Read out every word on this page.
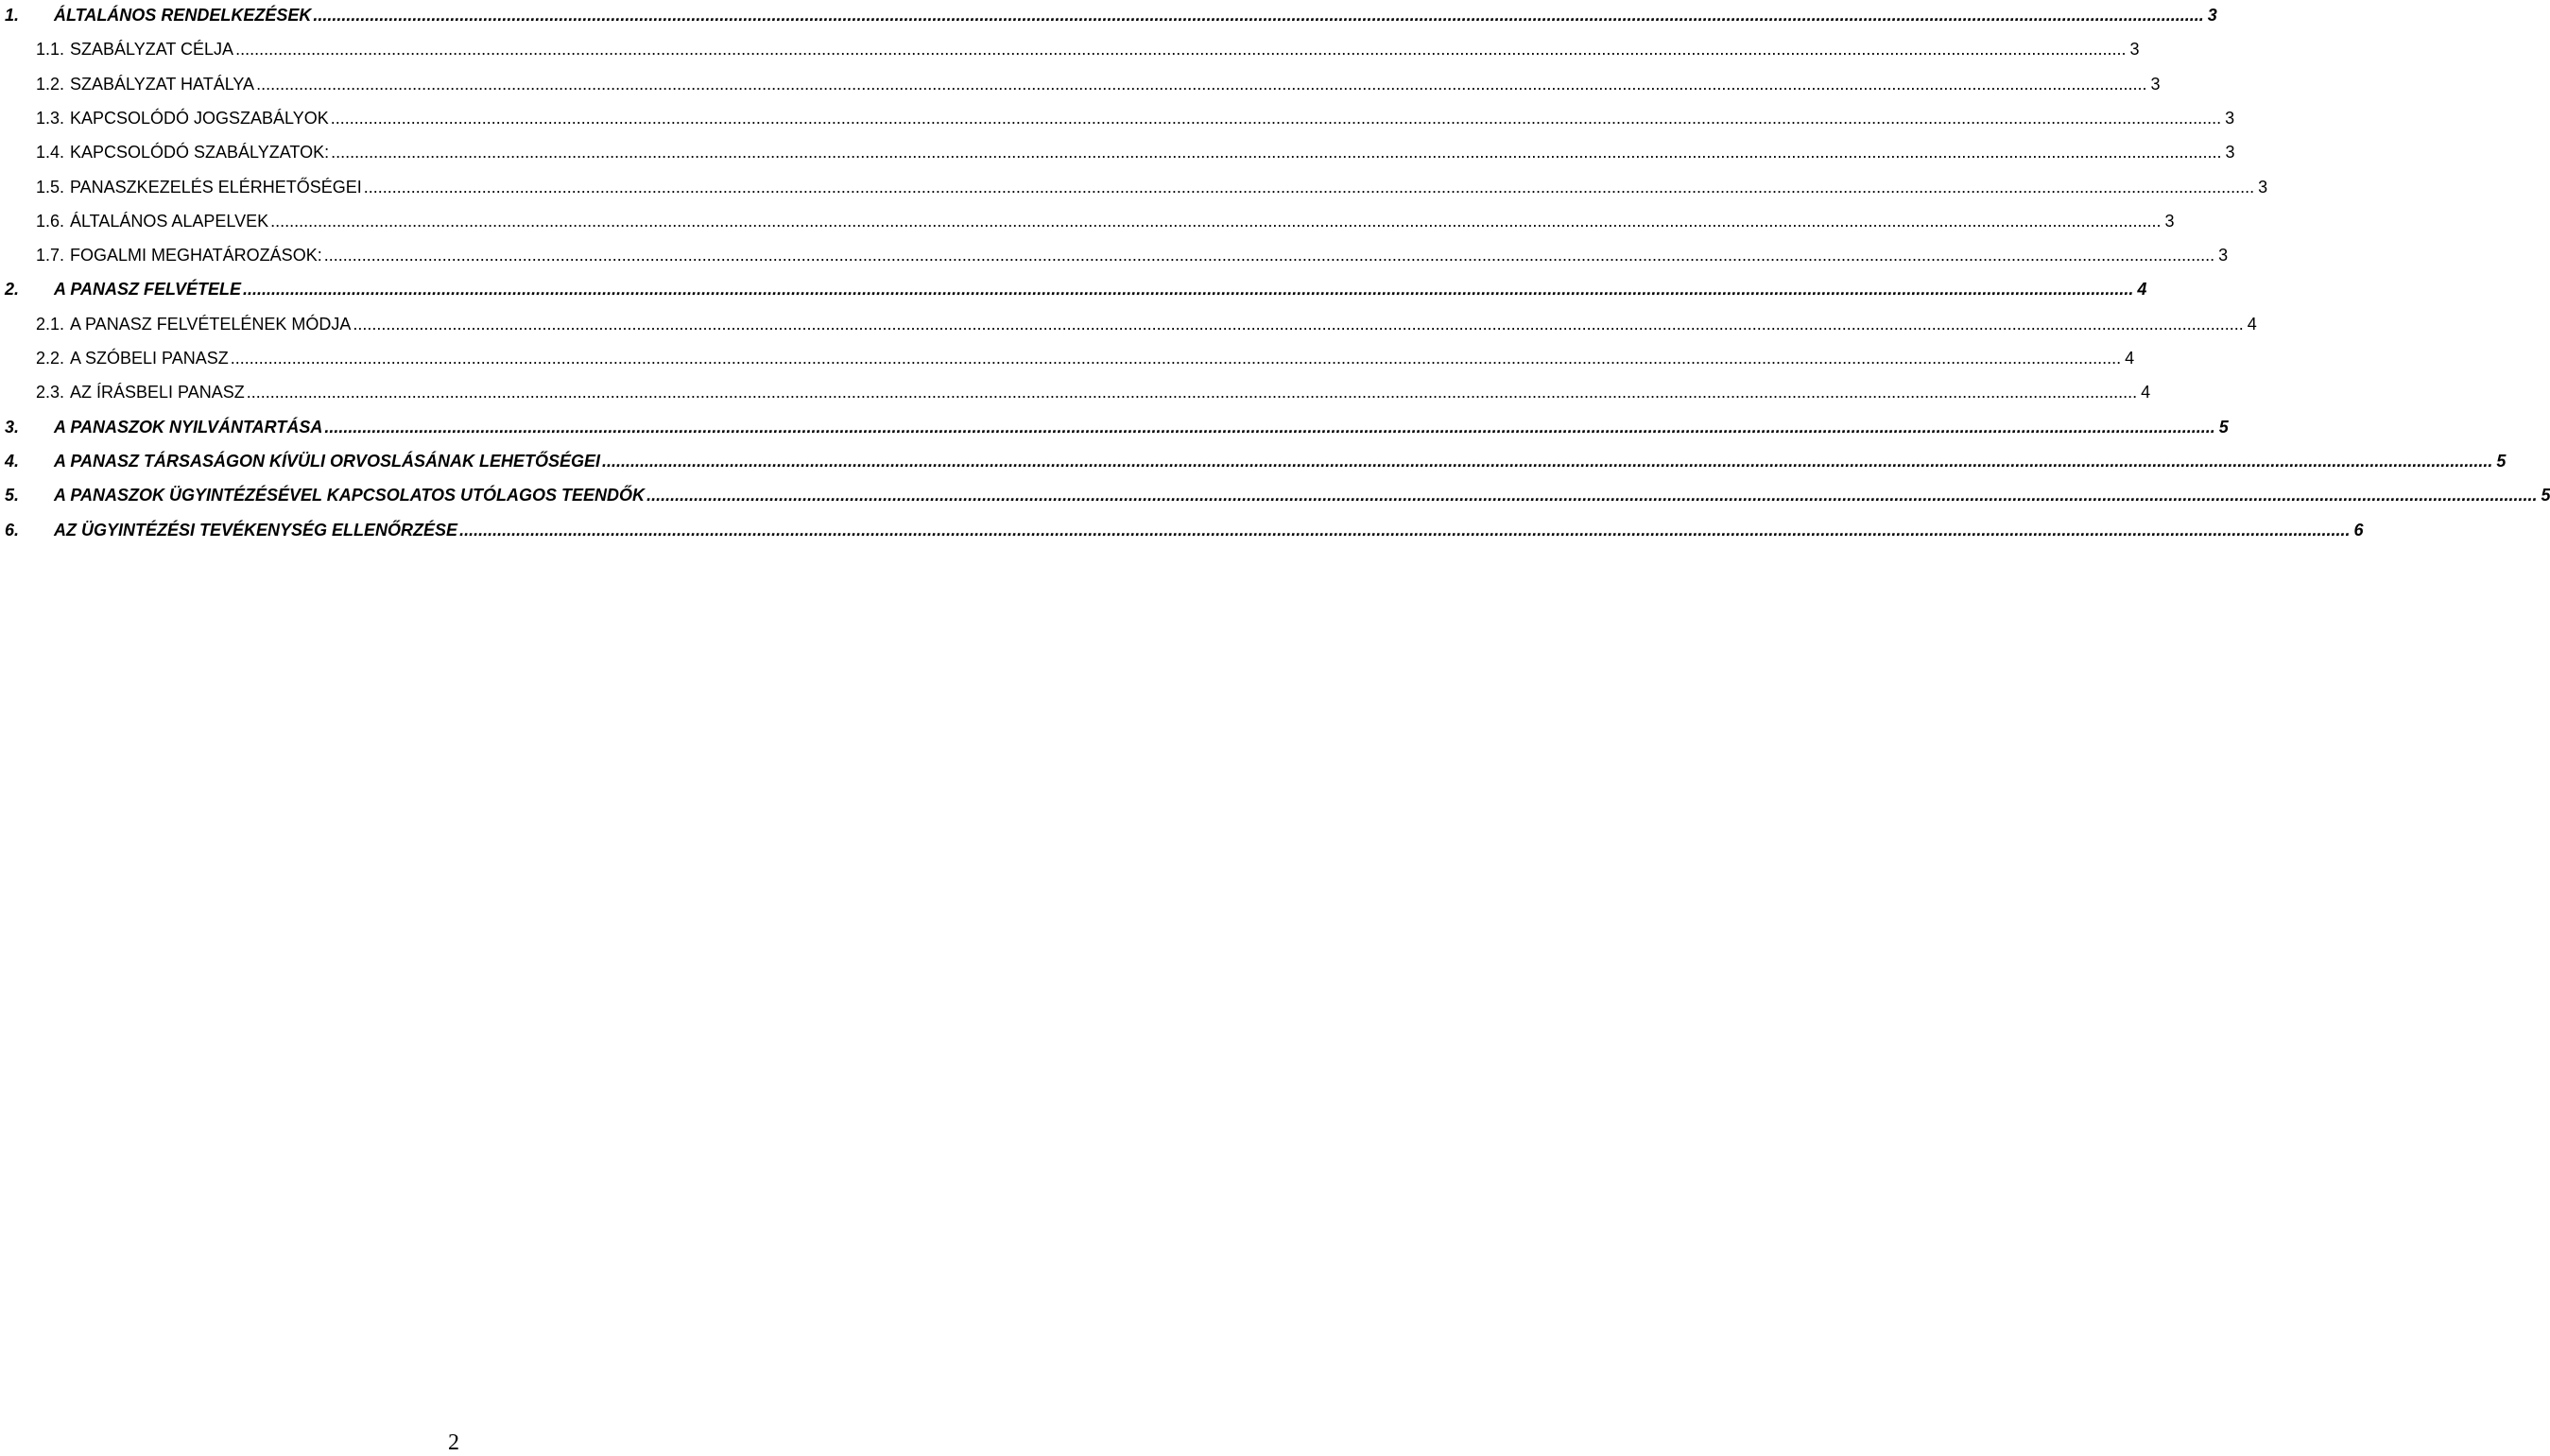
1.	ÁLTALÁNOS RENDELKEZÉSEK ................................................................................................................................................................................................................................................................................................................................................................................................................ 3
1.1. SZABÁLYZAT CÉLJA ................................................................................................................................................................................................................................................................................................................................................................................................................ 3
1.2. SZABÁLYZAT HATÁLYA ................................................................................................................................................................................................................................................................................................................................................................................................................ 3
1.3. KAPCSOLÓDÓ JOGSZABÁLYOK ................................................................................................................................................................................................................................................................................................................................................................................................................ 3
1.4. KAPCSOLÓDÓ SZABÁLYZATOK: ................................................................................................................................................................................................................................................................................................................................................................................................................ 3
1.5. PANASZKEZELÉS ELÉRHETŐSÉGEI ................................................................................................................................................................................................................................................................................................................................................................................................................ 3
1.6. ÁLTALÁNOS ALAPELVEK ................................................................................................................................................................................................................................................................................................................................................................................................................ 3
1.7. FOGALMI MEGHATÁROZÁSOK: ................................................................................................................................................................................................................................................................................................................................................................................................................ 3
2.	A PANASZ FELVÉTELE ................................................................................................................................................................................................................................................................................................................................................................................................................ 4
2.1. A PANASZ FELVÉTELÉNEK MÓDJA ................................................................................................................................................................................................................................................................................................................................................................................................................ 4
2.2. A SZÓBELI PANASZ ................................................................................................................................................................................................................................................................................................................................................................................................................ 4
2.3. AZ ÍRÁSBELI PANASZ ................................................................................................................................................................................................................................................................................................................................................................................................................ 4
3.	A PANASZOK NYILVÁNTARTÁSA ................................................................................................................................................................................................................................................................................................................................................................................................................ 5
4.	A PANASZ TÁRSASÁGON KÍVÜLI ORVOSLÁSÁNAK LEHETŐSÉGEI ................................................................................................................................................................................................................................................................................................................................................................................................................ 5
5.	A PANASZOK ÜGYINTÉZÉSÉVEL KAPCSOLATOS UTÓLAGOS TEENDŐK ................................................................................................................................................................................................................................................................................................................................................................................................................ 5
6.	AZ ÜGYINTÉZÉSI TEVÉKENYSÉG ELLENŐRZÉSE ................................................................................................................................................................................................................................................................................................................................................................................................................ 6
2
